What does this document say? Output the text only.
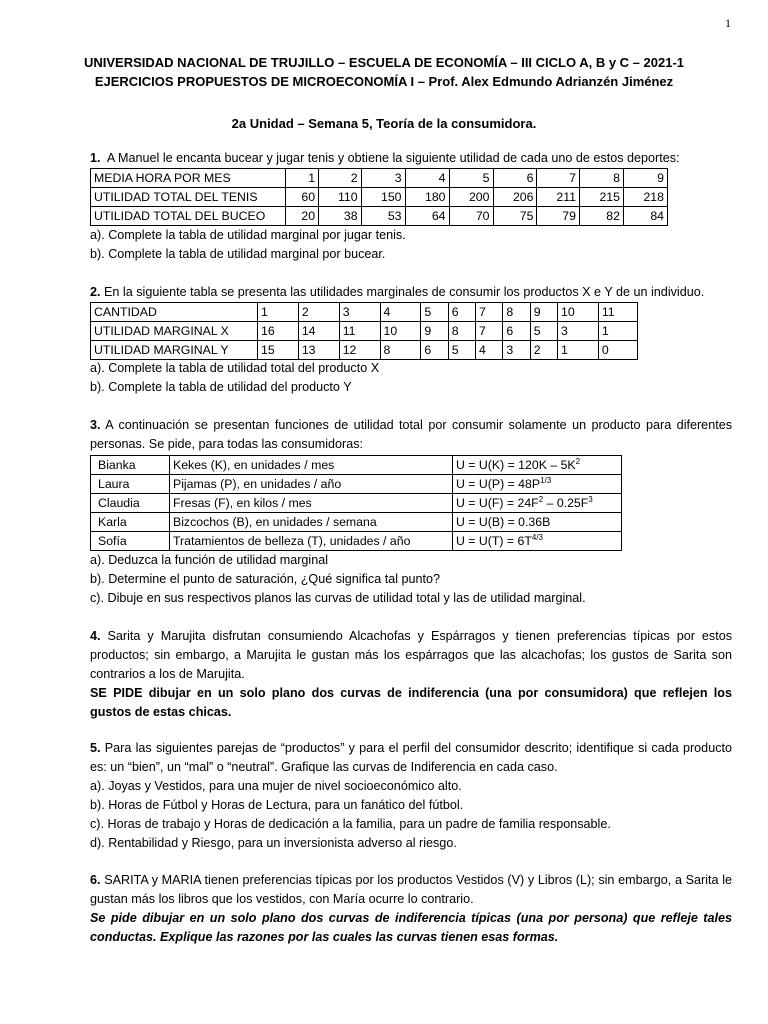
1
UNIVERSIDAD NACIONAL DE TRUJILLO – ESCUELA DE ECONOMÍA – III CICLO A, B y C – 2021-1
EJERCICIOS PROPUESTOS DE MICROECONOMÍA I – Prof. Alex Edmundo Adrianzén Jiménez
2a Unidad – Semana 5, Teoría de la consumidora.
1. A Manuel le encanta bucear y jugar tenis y obtiene la siguiente utilidad de cada uno de estos deportes:
MEDIA HORA POR MES	1	2	3	4	5	6	7	8	9
UTILIDAD TOTAL DEL TENIS	60	110	150	180	200	206	211	215	218
UTILIDAD TOTAL DEL BUCEO	20	38	53	64	70	75	79	82	84
a). Complete la tabla de utilidad marginal por jugar tenis.
b). Complete la tabla de utilidad marginal por bucear.
2. En la siguiente tabla se presenta las utilidades marginales de consumir los productos X e Y de un individuo.
CANTIDAD	1	2	3	4	5	6	7	8	9	10	11
UTILIDAD MARGINAL X	16	14	11	10	9	8	7	6	5	3	1
UTILIDAD MARGINAL Y	15	13	12	8	6	5	4	3	2	1	0
a). Complete la tabla de utilidad total del producto X
b). Complete la tabla de utilidad del producto Y
3. A continuación se presentan funciones de utilidad total por consumir solamente un producto para diferentes personas. Se pide, para todas las consumidoras:
Bianka	Kekes (K), en unidades / mes	$U = U(K) = 120K - 5K^2$
Laura	Pijamas (P), en unidades / año	$U = U(P) = 48P^{1/3}$
Claudia	Fresas (F), en kilos / mes	$U = U(F) = 24F^2 - 0.25F^3$
Karla	Bizcochos (B), en unidades / semana	U = U(B) = 0.36B
Sofía	Tratamientos de belleza (T), unidades / año	$U = U(T) = 6T^{4/3}$
a). Deduzca la función de utilidad marginal
b). Determine el punto de saturación, ¿Qué significa tal punto?
c). Dibuje en sus respectivos planos las curvas de utilidad total y las de utilidad marginal.
4. Sarita y Marujita disfrutan consumiendo Alcachofas y Espárragos y tienen preferencias típicas por estos productos; sin embargo, a Marujita le gustan más los espárragos que las alcachofas; los gustos de Sarita son contrarios a los de Marujita.
SE PIDE dibujar en un solo plano dos curvas de indiferencia (una por consumidora) que reflejen los gustos de estas chicas.
5. Para las siguientes parejas de “productos” y para el perfil del consumidor descrito; identifique si cada producto es: un “bien”, un “mal” o “neutral”. Grafique las curvas de Indiferencia en cada caso.
a). Joyas y Vestidos, para una mujer de nivel socioeconómico alto.
b). Horas de Fútbol y Horas de Lectura, para un fanático del fútbol.
c). Horas de trabajo y Horas de dedicación a la familia, para un padre de familia responsable.
d). Rentabilidad y Riesgo, para un inversionista adverso al riesgo.
6. SARITA y MARIA tienen preferencias típicas por los productos Vestidos (V) y Libros (L); sin embargo, a Sarita le gustan más los libros que los vestidos, con María ocurre lo contrario.
Se pide dibujar en un solo plano dos curvas de indiferencia típicas (una por persona) que refleje tales conductas. Explique las razones por las cuales las curvas tienen esas formas.
